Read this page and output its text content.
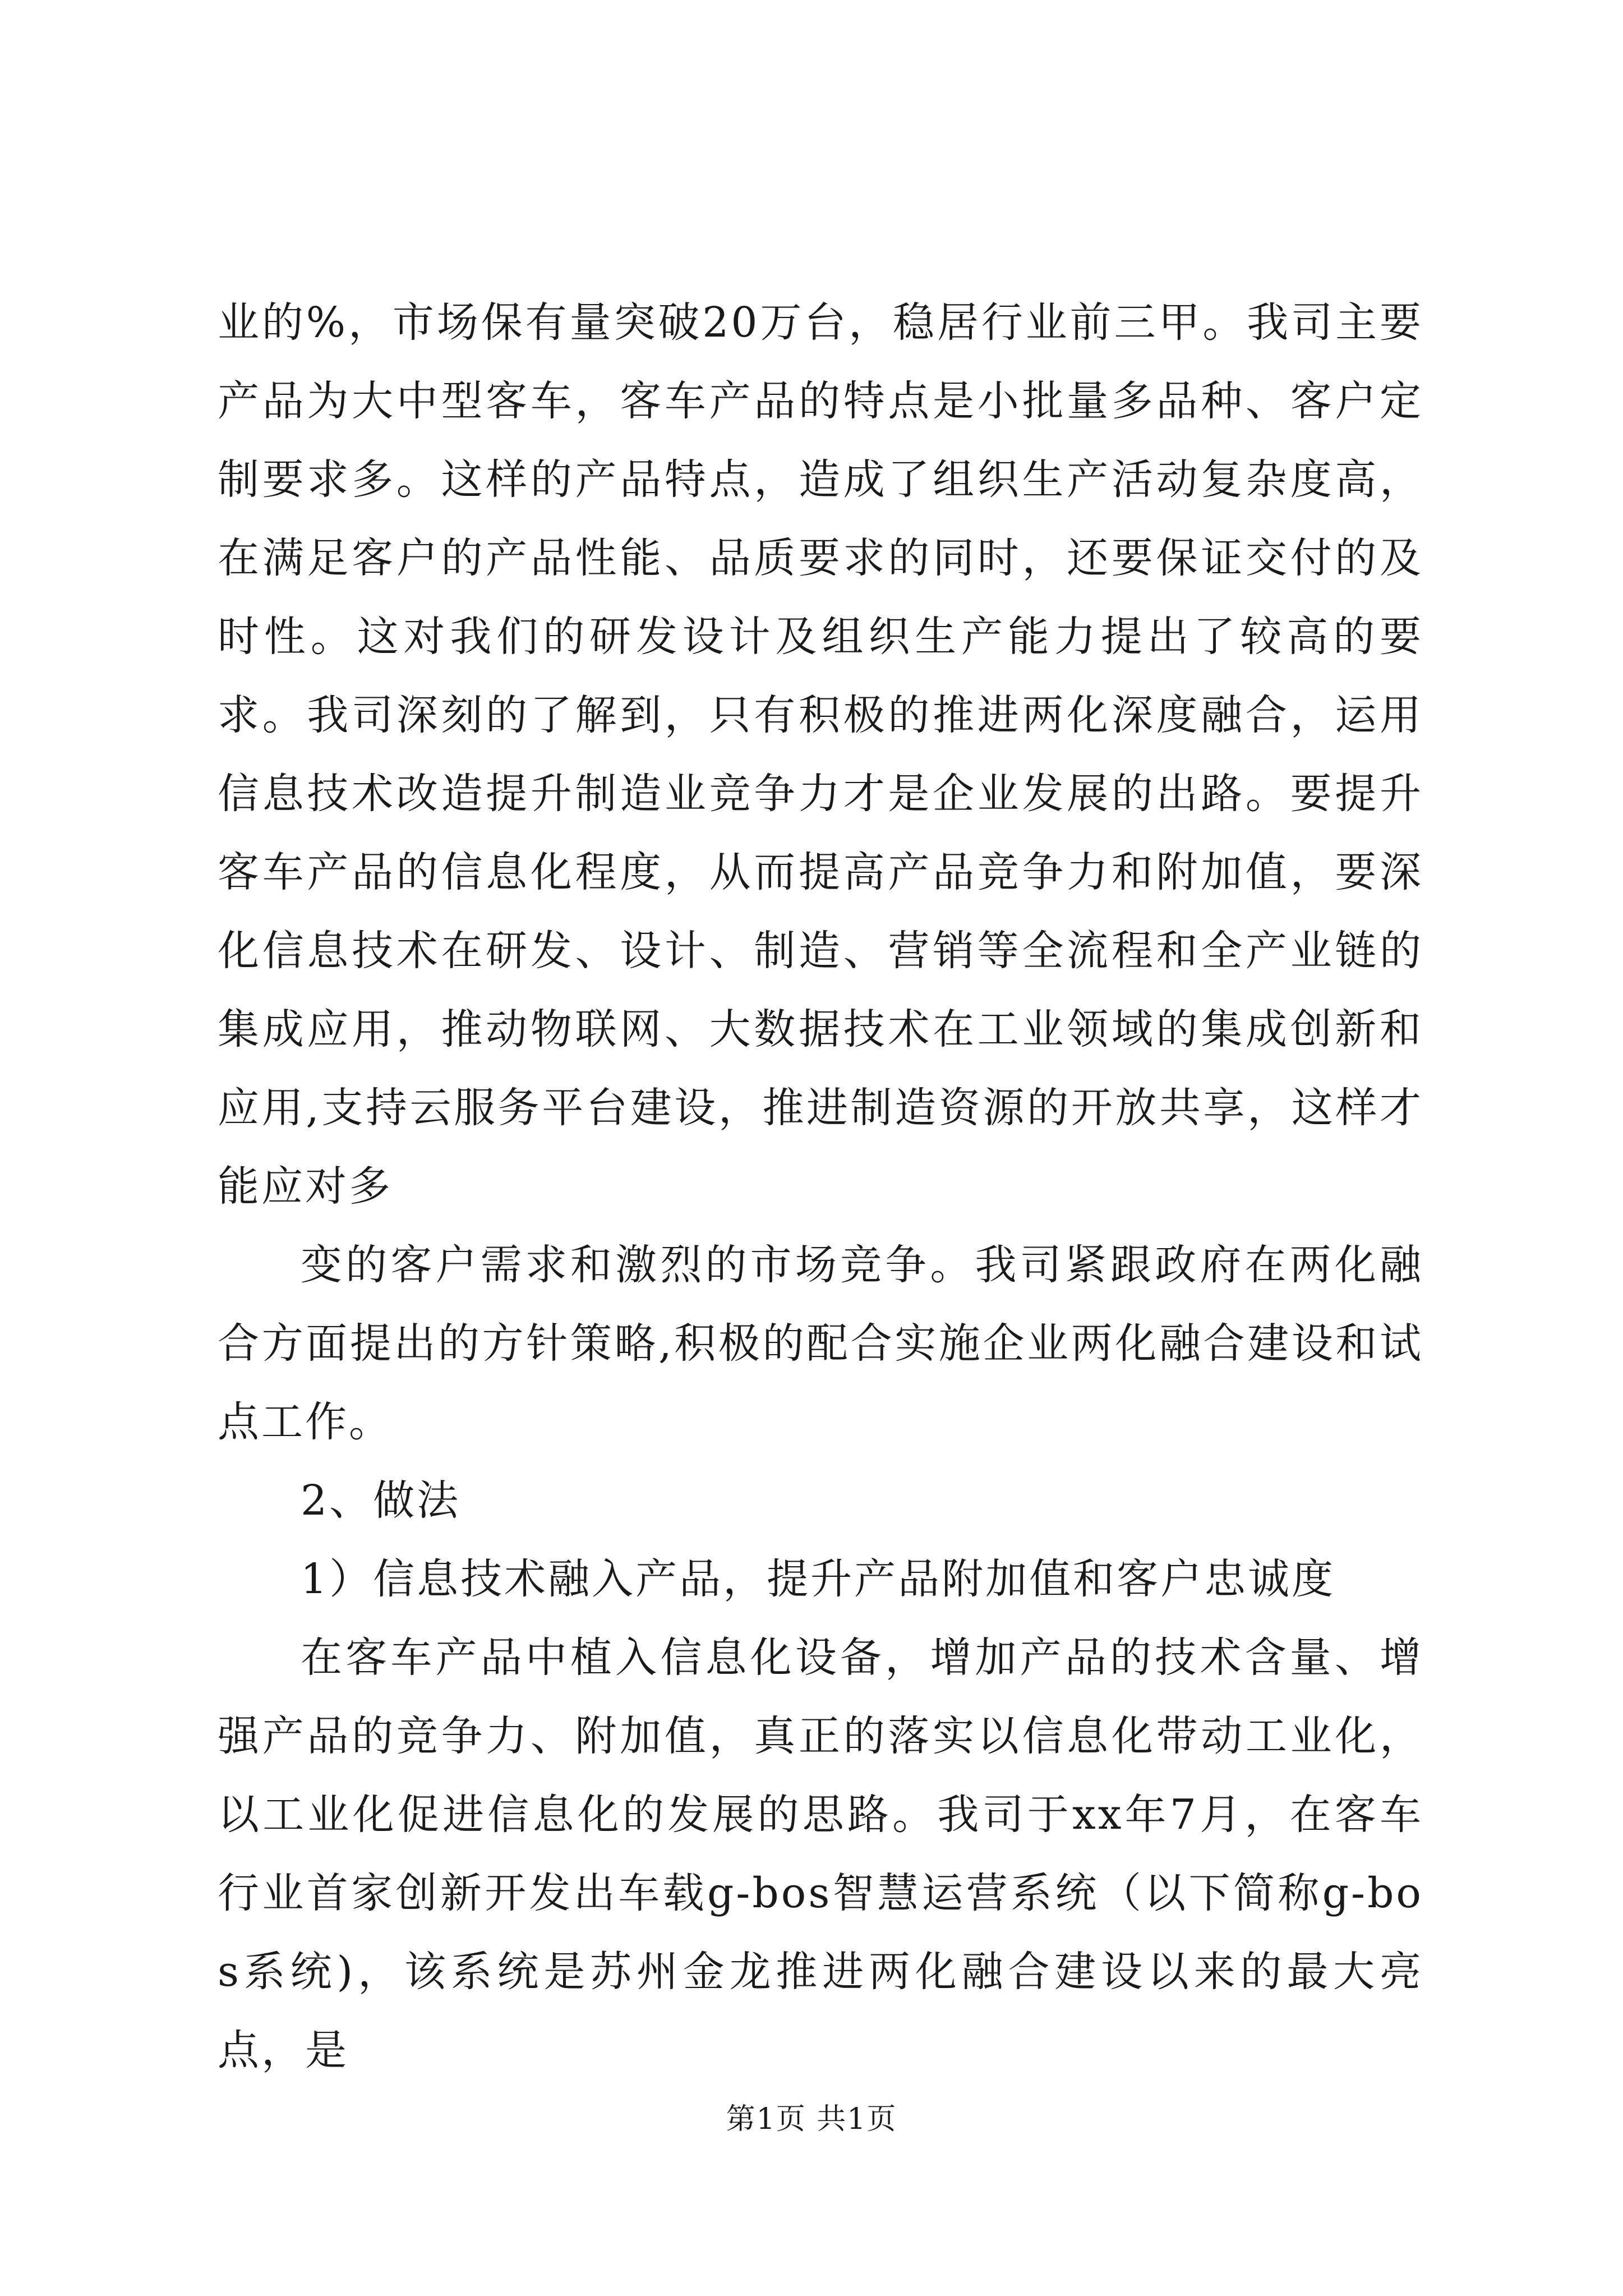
业的%，市场保有量突破20万台，稳居行业前三甲。我司主要产品为大中型客车，客车产品的特点是小批量多品种、客户定制要求多。这样的产品特点，造成了组织生产活动复杂度高，在满足客户的产品性能、品质要求的同时，还要保证交付的及时性。这对我们的研发设计及组织生产能力提出了较高的要求。我司深刻的了解到，只有积极的推进两化深度融合，运用信息技术改造提升制造业竞争力才是企业发展的出路。要提升客车产品的信息化程度，从而提高产品竞争力和附加值，要深化信息技术在研发、设计、制造、营销等全流程和全产业链的集成应用，推动物联网、大数据技术在工业领域的集成创新和应用,支持云服务平台建设，推进制造资源的开放共享，这样才能应对多

变的客户需求和激烈的市场竞争。我司紧跟政府在两化融合方面提出的方针策略,积极的配合实施企业两化融合建设和试点工作。

2、做法

1）信息技术融入产品，提升产品附加值和客户忠诚度

在客车产品中植入信息化设备，增加产品的技术含量、增强产品的竞争力、附加值，真正的落实以信息化带动工业化，以工业化促进信息化的发展的思路。我司于xx年7月，在客车行业首家创新开发出车载g-bos智慧运营系统（以下简称g-bos系统)，该系统是苏州金龙推进两化融合建设以来的最大亮点，是

第1页 共1页
